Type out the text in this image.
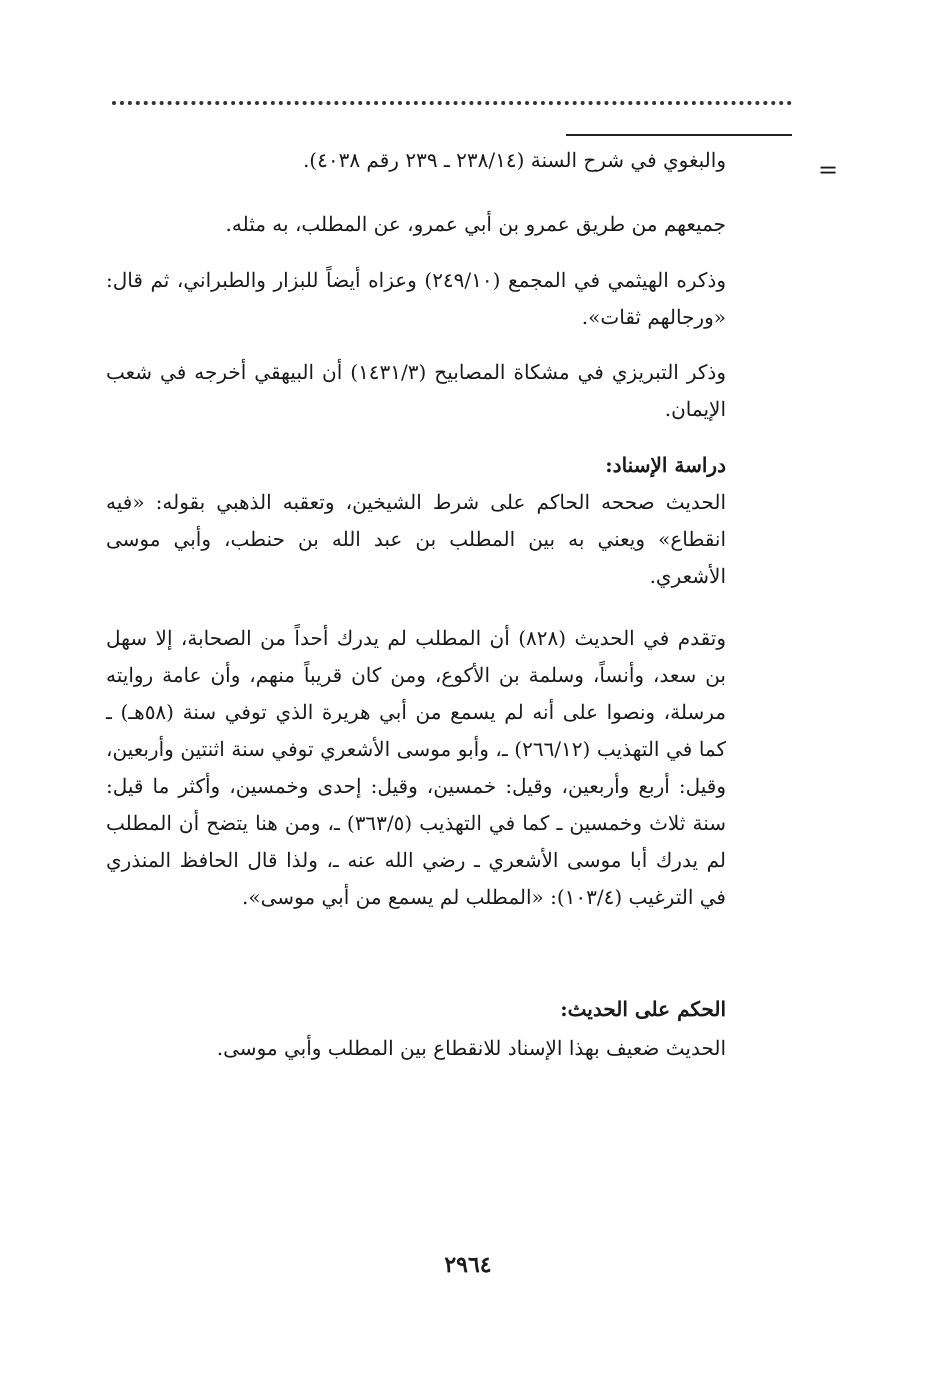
=

والبغوي في شرح السنة (٢٣٨/١٤ ـ ٢٣٩ رقم ٤٠٣٨).

جميعهم من طريق عمرو بن أبي عمرو، عن المطلب، به مثله.

وذكره الهيثمي في المجمع (٢٤٩/١٠) وعزاه أيضاً للبزار والطبراني، ثم قال: «ورجالهم ثقات».

وذكر التبريزي في مشكاة المصابيح (١٤٣١/٣) أن البيهقي أخرجه في شعب الإيمان.

دراسة الإسناد:

الحديث صححه الحاكم على شرط الشيخين، وتعقبه الذهبي بقوله: «فيه انقطاع» ويعني به بين المطلب بن عبد الله بن حنطب، وأبي موسى الأشعري.

وتقدم في الحديث (٨٢٨) أن المطلب لم يدرك أحداً من الصحابة، إلا سهل بن سعد، وأنساً، وسلمة بن الأكوع، ومن كان قريباً منهم، وأن عامة روايته مرسلة، ونصوا على أنه لم يسمع من أبي هريرة الذي توفي سنة (٥٨هـ) ـ كما في التهذيب (٢٦٦/١٢) ـ، وأبو موسى الأشعري توفي سنة اثنتين وأربعين، وقيل: أربع وأربعين، وقيل: خمسين، وقيل: إحدى وخمسين، وأكثر ما قيل: سنة ثلاث وخمسين ـ كما في التهذيب (٣٦٣/٥) ـ، ومن هنا يتضح أن المطلب لم يدرك أبا موسى الأشعري ـ رضي الله عنه ـ، ولذا قال الحافظ المنذري في الترغيب (١٠٣/٤): «المطلب لم يسمع من أبي موسى».

الحكم على الحديث:

الحديث ضعيف بهذا الإسناد للانقطاع بين المطلب وأبي موسى.

٢٩٦٤
